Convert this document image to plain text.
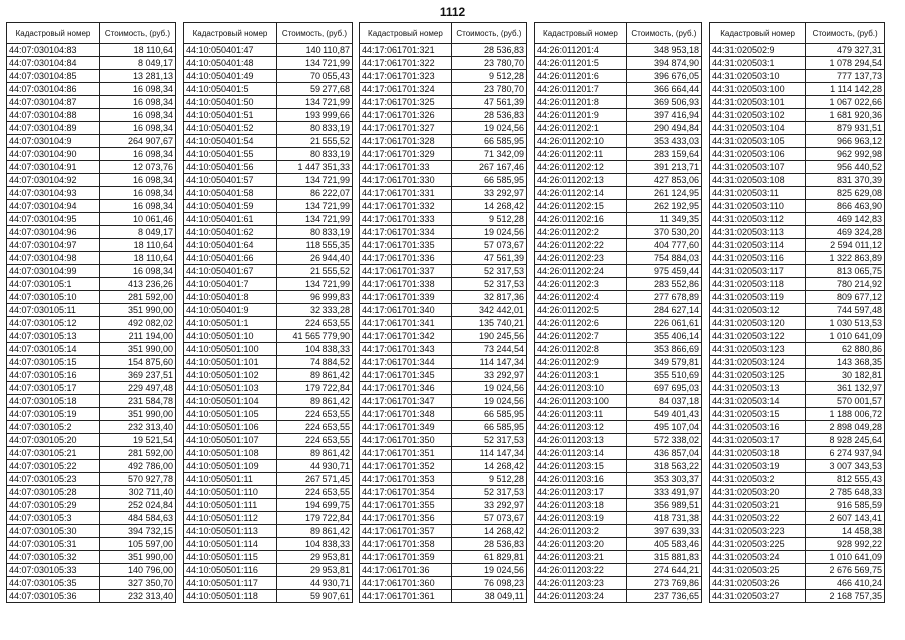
1112
Кадастровый номер	Стоимость, (руб.)
44:07:030104:83	18 110,64
44:07:030104:84	8 049,17
44:07:030104:85	13 281,13
44:07:030104:86	16 098,34
44:07:030104:87	16 098,34
44:07:030104:88	16 098,34
44:07:030104:89	16 098,34
44:07:030104:9	264 907,67
44:07:030104:90	16 098,34
44:07:030104:91	12 073,76
44:07:030104:92	16 098,34
44:07:030104:93	16 098,34
44:07:030104:94	16 098,34
44:07:030104:95	10 061,46
44:07:030104:96	8 049,17
44:07:030104:97	18 110,64
44:07:030104:98	18 110,64
44:07:030104:99	16 098,34
44:07:030105:1	413 236,26
44:07:030105:10	281 592,00
44:07:030105:11	351 990,00
44:07:030105:12	492 082,02
44:07:030105:13	211 194,00
44:07:030105:14	351 990,00
44:07:030105:15	154 875,60
44:07:030105:16	369 237,51
44:07:030105:17	229 497,48
44:07:030105:18	231 584,78
44:07:030105:19	351 990,00
44:07:030105:2	232 313,40
44:07:030105:20	19 521,54
44:07:030105:21	281 592,00
44:07:030105:22	492 786,00
44:07:030105:23	570 927,78
44:07:030105:28	302 711,40
44:07:030105:29	252 024,84
44:07:030105:3	484 584,63
44:07:030105:30	394 732,15
44:07:030105:31	105 597,00
44:07:030105:32	351 990,00
44:07:030105:33	140 796,00
44:07:030105:35	327 350,70
44:07:030105:36	232 313,40
Кадастровый номер	Стоимость, (руб.)
44:10:050401:47	140 110,87
44:10:050401:48	134 721,99
44:10:050401:49	70 055,43
44:10:050401:5	59 277,68
44:10:050401:50	134 721,99
44:10:050401:51	193 999,66
44:10:050401:52	80 833,19
44:10:050401:54	21 555,52
44:10:050401:55	80 833,19
44:10:050401:56	1 447 351,33
44:10:050401:57	134 721,99
44:10:050401:58	86 222,07
44:10:050401:59	134 721,99
44:10:050401:61	134 721,99
44:10:050401:62	80 833,19
44:10:050401:64	118 555,35
44:10:050401:66	26 944,40
44:10:050401:67	21 555,52
44:10:050401:7	134 721,99
44:10:050401:8	96 999,83
44:10:050401:9	32 333,28
44:10:050501:1	224 653,55
44:10:050501:10	41 565 779,90
44:10:050501:100	104 838,33
44:10:050501:101	74 884,52
44:10:050501:102	89 861,42
44:10:050501:103	179 722,84
44:10:050501:104	89 861,42
44:10:050501:105	224 653,55
44:10:050501:106	224 653,55
44:10:050501:107	224 653,55
44:10:050501:108	89 861,42
44:10:050501:109	44 930,71
44:10:050501:11	267 571,45
44:10:050501:110	224 653,55
44:10:050501:111	194 699,75
44:10:050501:112	179 722,84
44:10:050501:113	89 861,42
44:10:050501:114	104 838,33
44:10:050501:115	29 953,81
44:10:050501:116	29 953,81
44:10:050501:117	44 930,71
44:10:050501:118	59 907,61
Кадастровый номер	Стоимость, (руб.)
44:17:061701:321	28 536,83
44:17:061701:322	23 780,70
44:17:061701:323	9 512,28
44:17:061701:324	23 780,70
44:17:061701:325	47 561,39
44:17:061701:326	28 536,83
44:17:061701:327	19 024,56
44:17:061701:328	66 585,95
44:17:061701:329	71 342,09
44:17:061701:33	267 167,46
44:17:061701:330	66 585,95
44:17:061701:331	33 292,97
44:17:061701:332	14 268,42
44:17:061701:333	9 512,28
44:17:061701:334	19 024,56
44:17:061701:335	57 073,67
44:17:061701:336	47 561,39
44:17:061701:337	52 317,53
44:17:061701:338	52 317,53
44:17:061701:339	32 817,36
44:17:061701:340	342 442,01
44:17:061701:341	135 740,21
44:17:061701:342	190 245,56
44:17:061701:343	73 244,54
44:17:061701:344	114 147,34
44:17:061701:345	33 292,97
44:17:061701:346	19 024,56
44:17:061701:347	19 024,56
44:17:061701:348	66 585,95
44:17:061701:349	66 585,95
44:17:061701:350	52 317,53
44:17:061701:351	114 147,34
44:17:061701:352	14 268,42
44:17:061701:353	9 512,28
44:17:061701:354	52 317,53
44:17:061701:355	33 292,97
44:17:061701:356	57 073,67
44:17:061701:357	14 268,42
44:17:061701:358	28 536,83
44:17:061701:359	61 829,81
44:17:061701:36	19 024,56
44:17:061701:360	76 098,23
44:17:061701:361	38 049,11
Кадастровый номер	Стоимость, (руб.)
44:26:011201:4	348 953,18
44:26:011201:5	394 874,90
44:26:011201:6	396 676,05
44:26:011201:7	366 664,44
44:26:011201:8	369 506,93
44:26:011201:9	397 416,94
44:26:011202:1	290 494,84
44:26:011202:10	353 433,03
44:26:011202:11	283 159,64
44:26:011202:12	391 213,71
44:26:011202:13	427 853,06
44:26:011202:14	261 124,95
44:26:011202:15	262 192,95
44:26:011202:16	11 349,35
44:26:011202:2	370 530,20
44:26:011202:22	404 777,60
44:26:011202:23	754 884,03
44:26:011202:24	975 459,44
44:26:011202:3	283 552,86
44:26:011202:4	277 678,89
44:26:011202:5	284 627,14
44:26:011202:6	226 061,61
44:26:011202:7	355 406,14
44:26:011202:8	353 866,69
44:26:011202:9	349 579,81
44:26:011203:1	355 510,69
44:26:011203:10	697 695,03
44:26:011203:100	84 037,18
44:26:011203:11	549 401,43
44:26:011203:12	495 107,04
44:26:011203:13	572 338,02
44:26:011203:14	436 857,04
44:26:011203:15	318 563,22
44:26:011203:16	353 303,37
44:26:011203:17	333 491,97
44:26:011203:18	356 989,51
44:26:011203:19	418 731,38
44:26:011203:2	397 639,33
44:26:011203:20	405 583,46
44:26:011203:21	315 881,83
44:26:011203:22	274 644,21
44:26:011203:23	273 769,86
44:26:011203:24	237 736,65
Кадастровый номер	Стоимость, (руб.)
44:31:020502:9	479 327,31
44:31:020503:1	1 078 294,54
44:31:020503:10	777 137,73
44:31:020503:100	1 114 142,28
44:31:020503:101	1 067 022,66
44:31:020503:102	1 681 920,36
44:31:020503:104	879 931,51
44:31:020503:105	966 963,12
44:31:020503:106	962 992,98
44:31:020503:107	956 440,52
44:31:020503:108	831 370,39
44:31:020503:11	825 629,08
44:31:020503:110	866 463,90
44:31:020503:112	469 142,83
44:31:020503:113	469 324,28
44:31:020503:114	2 594 011,12
44:31:020503:116	1 322 863,89
44:31:020503:117	813 065,75
44:31:020503:118	780 214,92
44:31:020503:119	809 677,12
44:31:020503:12	744 597,48
44:31:020503:120	1 030 513,53
44:31:020503:122	1 010 641,09
44:31:020503:123	62 880,86
44:31:020503:124	143 368,35
44:31:020503:125	30 182,81
44:31:020503:13	361 132,97
44:31:020503:14	570 001,57
44:31:020503:15	1 188 006,72
44:31:020503:16	2 898 049,28
44:31:020503:17	8 928 245,64
44:31:020503:18	6 274 937,94
44:31:020503:19	3 007 343,53
44:31:020503:2	812 555,43
44:31:020503:20	2 785 648,33
44:31:020503:21	916 585,59
44:31:020503:22	2 607 143,41
44:31:020503:223	14 458,38
44:31:020503:225	928 992,22
44:31:020503:24	1 010 641,09
44:31:020503:25	2 676 569,75
44:31:020503:26	466 410,24
44:31:020503:27	2 168 757,35
